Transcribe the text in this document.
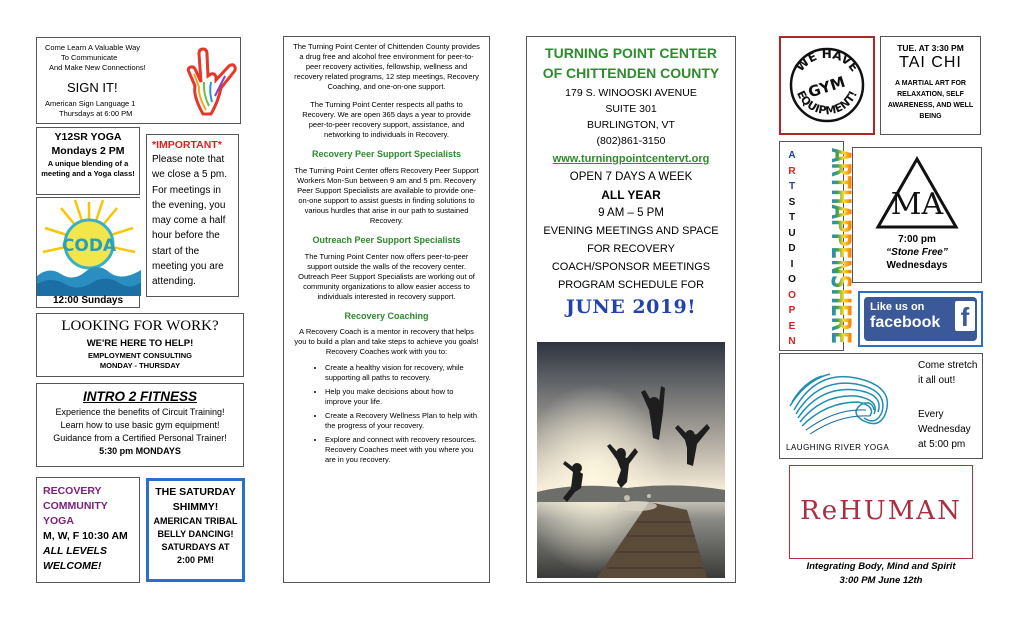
Come Learn A Valuable Way
To Communicate
And Make New Connections!
SIGN IT!
American Sign Language 1
Thursdays at 6:00 PM
Y12SR YOGA
Mondays 2 PM
A unique blending of a meeting and a Yoga class!
*IMPORTANT*
Please note that we close a 5 pm. For meetings in the evening, you may come a half hour before the start of the meeting you are attending.
CODA
12:00 Sundays
LOOKING FOR WORK?
WE'RE HERE TO HELP!
EMPLOYMENT CONSULTING
MONDAY - THURSDAY
INTRO 2 FITNESS
Experience the benefits of Circuit Training!
Learn how to use basic gym equipment!
Guidance from a Certified Personal Trainer!
5:30 pm MONDAYS
RECOVERY
COMMUNITY
YOGA
M, W, F 10:30 AM
ALL LEVELS
WELCOME!
THE SATURDAY
SHIMMY!
AMERICAN TRIBAL
BELLY DANCING!
SATURDAYS AT
2:00 PM!

The Turning Point Center of Chittenden County provides a drug free and alcohol free environment for peer-to-peer recovery activities, fellowship, wellness and recovery related programs, 12 step meetings, Recovery Coaching, and one-on-one support.

The Turning Point Center respects all paths to Recovery. We are open 365 days a year to provide peer-to-peer recovery support, assistance, and networking to individuals in Recovery.

Recovery Peer Support Specialists

The Turning Point Center offers Recovery Peer Support Workers Mon-Sun between 9 am and 5 pm. Recovery Peer Support Specialists are available to provide one-on-one support to assist guests in finding solutions to various hurdles that arise in our path to sustained Recovery.

Outreach Peer Support Specialists

The Turning Point Center now offers peer-to-peer support outside the walls of the recovery center. Outreach Peer Support Specialists are working out of community organizations to allow easier access to individuals interested in recovery support.

Recovery Coaching

A Recovery Coach is a mentor in recovery that helps you to build a plan and take steps to achieve you goals! Recovery Coaches work with you to:

• Create a healthy vision for recovery, while supporting all paths to recovery.
• Help you make decisions about how to improve your life.
• Create a Recovery Wellness Plan to help with the progress of your recovery.
• Explore and connect with recovery resources. Recovery Coaches meet with you where you are in you recovery.
TURNING POINT CENTER
OF CHITTENDEN COUNTY
179 S. WINOOSKI AVENUE
SUITE 301
BURLINGTON, VT
(802)861-3150
www.turningpointcentervt.org
OPEN 7 DAYS A WEEK
ALL YEAR
9 AM – 5 PM
EVENING MEETINGS AND SPACE
FOR RECOVERY
COACH/SPONSOR MEETINGS
PROGRAM SCHEDULE FOR
JUNE 2019!
WE HAVE
EQUIPMENT!
GYM
TUE. AT 3:30 PM
TAI CHI
A MARTIAL ART FOR RELAXATION, SELF AWARENESS, AND WELL BEING
A
R
T
S
T
U
D
I
O
O
P
E
N ARTHAPPENSHERE MA
7:00 pm
“Stone Free”
Wednesdays
Like us on
facebook f
LAUGHING RIVER YOGA
Come stretch it all out!
Every Wednesday at 5:00 pm
ReHUMAN
Integrating Body, Mind and Spirit
3:00 PM June 12th
